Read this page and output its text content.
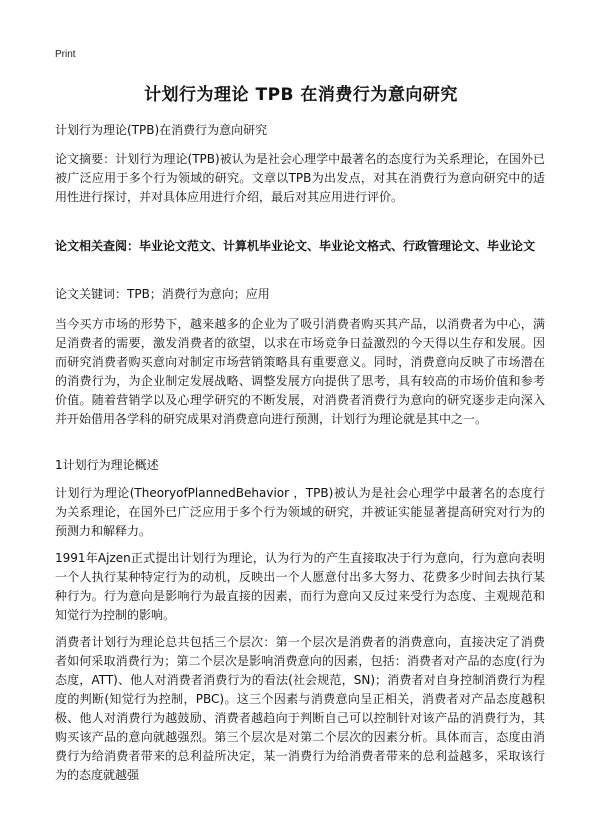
Print
计划行为理论 TPB 在消费行为意向研究

计划行为理论(TPB)在消费行为意向研究

论文摘要：计划行为理论(TPB)被认为是社会心理学中最著名的态度行为关系理论，在国外已被广泛应用于多个行为领域的研究。文章以TPB为出发点，对其在消费行为意向研究中的适用性进行探讨，并对具体应用进行介绍，最后对其应用进行评价。

论文相关查阅：毕业论文范文、计算机毕业论文、毕业论文格式、行政管理论文、毕业论文

论文关键词：TPB；消费行为意向；应用

当今买方市场的形势下，越来越多的企业为了吸引消费者购买其产品，以消费者为中心，满足消费者的需要，激发消费者的欲望，以求在市场竞争日益激烈的今天得以生存和发展。因而研究消费者购买意向对制定市场营销策略具有重要意义。同时，消费意向反映了市场潜在的消费行为，为企业制定发展战略、调整发展方向提供了思考，具有较高的市场价值和参考价值。随着营销学以及心理学研究的不断发展，对消费者消费行为意向的研究逐步走向深入并开始借用各学科的研究成果对消费意向进行预测，计划行为理论就是其中之一。

1计划行为理论概述

计划行为理论(TheoryofPlannedBehavior ，TPB)被认为是社会心理学中最著名的态度行为关系理论，在国外已广泛应用于多个行为领域的研究，并被证实能显著提高研究对行为的预测力和解释力。

1991年Ajzen正式提出计划行为理论，认为行为的产生直接取决于行为意向，行为意向表明一个人执行某种特定行为的动机，反映出一个人愿意付出多大努力、花费多少时间去执行某种行为。行为意向是影响行为最直接的因素，而行为意向又反过来受行为态度、主观规范和知觉行为控制的影响。

消费者计划行为理论总共包括三个层次：第一个层次是消费者的消费意向，直接决定了消费者如何采取消费行为；第二个层次是影响消费意向的因素，包括：消费者对产品的态度(行为态度，ATT)、他人对消费者消费行为的看法(社会规范，SN)；消费者对自身控制消费行为程度的判断(知觉行为控制，PBC)。这三个因素与消费意向呈正相关，消费者对产品态度越积极、他人对消费行为越鼓励、消费者越趋向于判断自己可以控制针对该产品的消费行为，其购买该产品的意向就越强烈。第三个层次是对第二个层次的因素分析。具体而言，态度由消费行为给消费者带来的总利益所决定，某一消费行为给消费者带来的总利益越多，采取该行为的态度就越强
